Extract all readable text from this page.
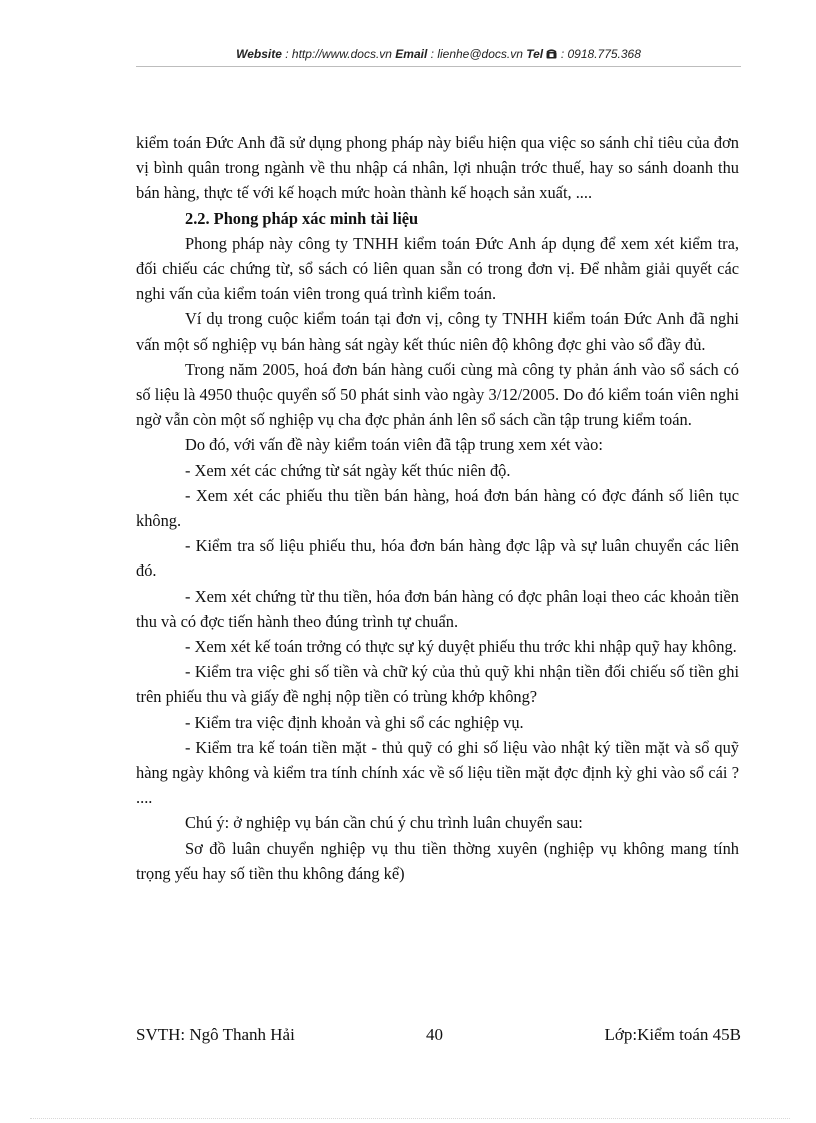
Website : http://www.docs.vn Email : lienhe@docs.vn Tel : 0918.775.368

kiểm toán Đức Anh đã sử dụng phong pháp này biểu hiện qua việc so sánh chỉ tiêu của đơn vị bình quân trong ngành về thu nhập cá nhân, lợi nhuận trớc thuế, hay so sánh doanh thu bán hàng, thực tế với kế hoạch mức hoàn thành kế hoạch sản xuất, ....

2.2. Phong pháp xác minh tài liệu

Phong pháp này công ty TNHH kiểm toán Đức Anh áp dụng để xem xét kiểm tra, đối chiếu các chứng từ, sổ sách có liên quan sẵn có trong đơn vị. Để nhằm giải quyết các nghi vấn của kiểm toán viên trong quá trình kiểm toán.

Ví dụ trong cuộc kiểm toán tại đơn vị, công ty TNHH kiểm toán Đức Anh đã nghi vấn một số nghiệp vụ bán hàng sát ngày kết thúc niên độ không đợc ghi vào sổ đầy đủ.

Trong năm 2005, hoá đơn bán hàng cuối cùng mà công ty phản ánh vào sổ sách có số liệu là 4950 thuộc quyển số 50 phát sinh vào ngày 3/12/2005. Do đó kiểm toán viên nghi ngờ vẫn còn một số nghiệp vụ cha đợc phản ánh lên sổ sách cần tập trung kiểm toán.

Do đó, với vấn đề này kiểm toán viên đã tập trung xem xét vào:

- Xem xét các chứng từ sát ngày kết thúc niên độ.

- Xem xét các phiếu thu tiền bán hàng, hoá đơn bán hàng có đợc đánh số liên tục không.

- Kiểm tra số liệu phiếu thu, hóa đơn bán hàng đợc lập và sự luân chuyển các liên đó.

- Xem xét chứng từ thu tiền, hóa đơn bán hàng có đợc phân loại theo các khoản tiền thu và có đợc tiến hành theo đúng trình tự chuẩn.

- Xem xét kế toán trởng có thực sự ký duyệt phiếu thu trớc khi nhập quỹ hay không.

- Kiểm tra việc ghi số tiền và chữ ký của thủ quỹ khi nhận tiền đối chiếu số tiền ghi trên phiếu thu và giấy đề nghị nộp tiền có trùng khớp không?

- Kiểm tra việc định khoản và ghi sổ các nghiệp vụ.

- Kiểm tra kế toán tiền mặt - thủ quỹ có ghi số liệu vào nhật ký tiền mặt và sổ quỹ hàng ngày không và kiểm tra tính chính xác về số liệu tiền mặt đợc định kỳ ghi vào sổ cái ? ....

Chú ý: ở nghiệp vụ bán cần chú ý chu trình luân chuyển sau:

Sơ đồ luân chuyển nghiệp vụ thu tiền thờng xuyên (nghiệp vụ không mang tính trọng yếu hay số tiền thu không đáng kể)

SVTH: Ngô Thanh Hải	40	Lớp:Kiểm toán 45B
